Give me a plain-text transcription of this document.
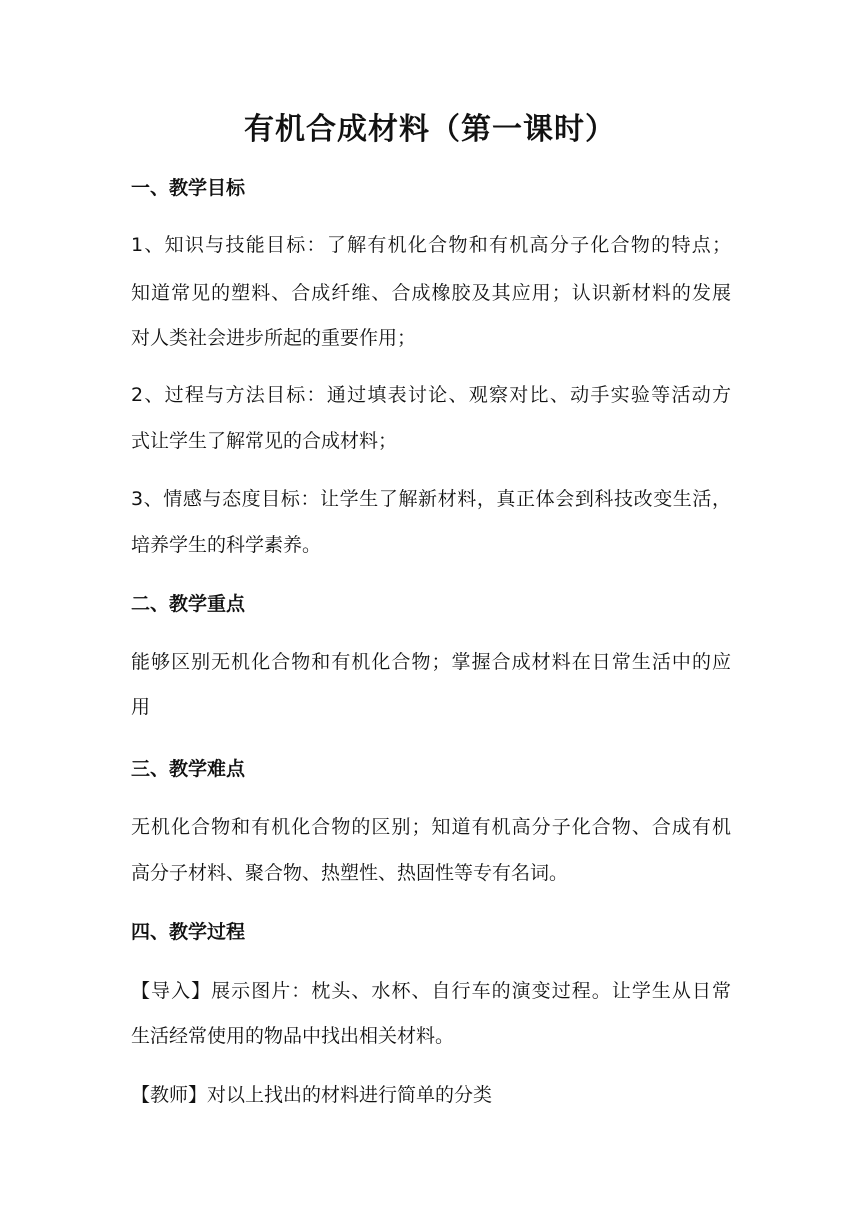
有机合成材料（第一课时）

一、教学目标

1、知识与技能目标：了解有机化合物和有机高分子化合物的特点；

知道常见的塑料、合成纤维、合成橡胶及其应用；认识新材料的发展

对人类社会进步所起的重要作用；

2、过程与方法目标：通过填表讨论、观察对比、动手实验等活动方

式让学生了解常见的合成材料；

3、情感与态度目标：让学生了解新材料，真正体会到科技改变生活，

培养学生的科学素养。

二、教学重点

能够区别无机化合物和有机化合物；掌握合成材料在日常生活中的应

用

三、教学难点

无机化合物和有机化合物的区别；知道有机高分子化合物、合成有机

高分子材料、聚合物、热塑性、热固性等专有名词。

四、教学过程

【导入】展示图片：枕头、水杯、自行车的演变过程。让学生从日常

生活经常使用的物品中找出相关材料。

【教师】对以上找出的材料进行简单的分类
